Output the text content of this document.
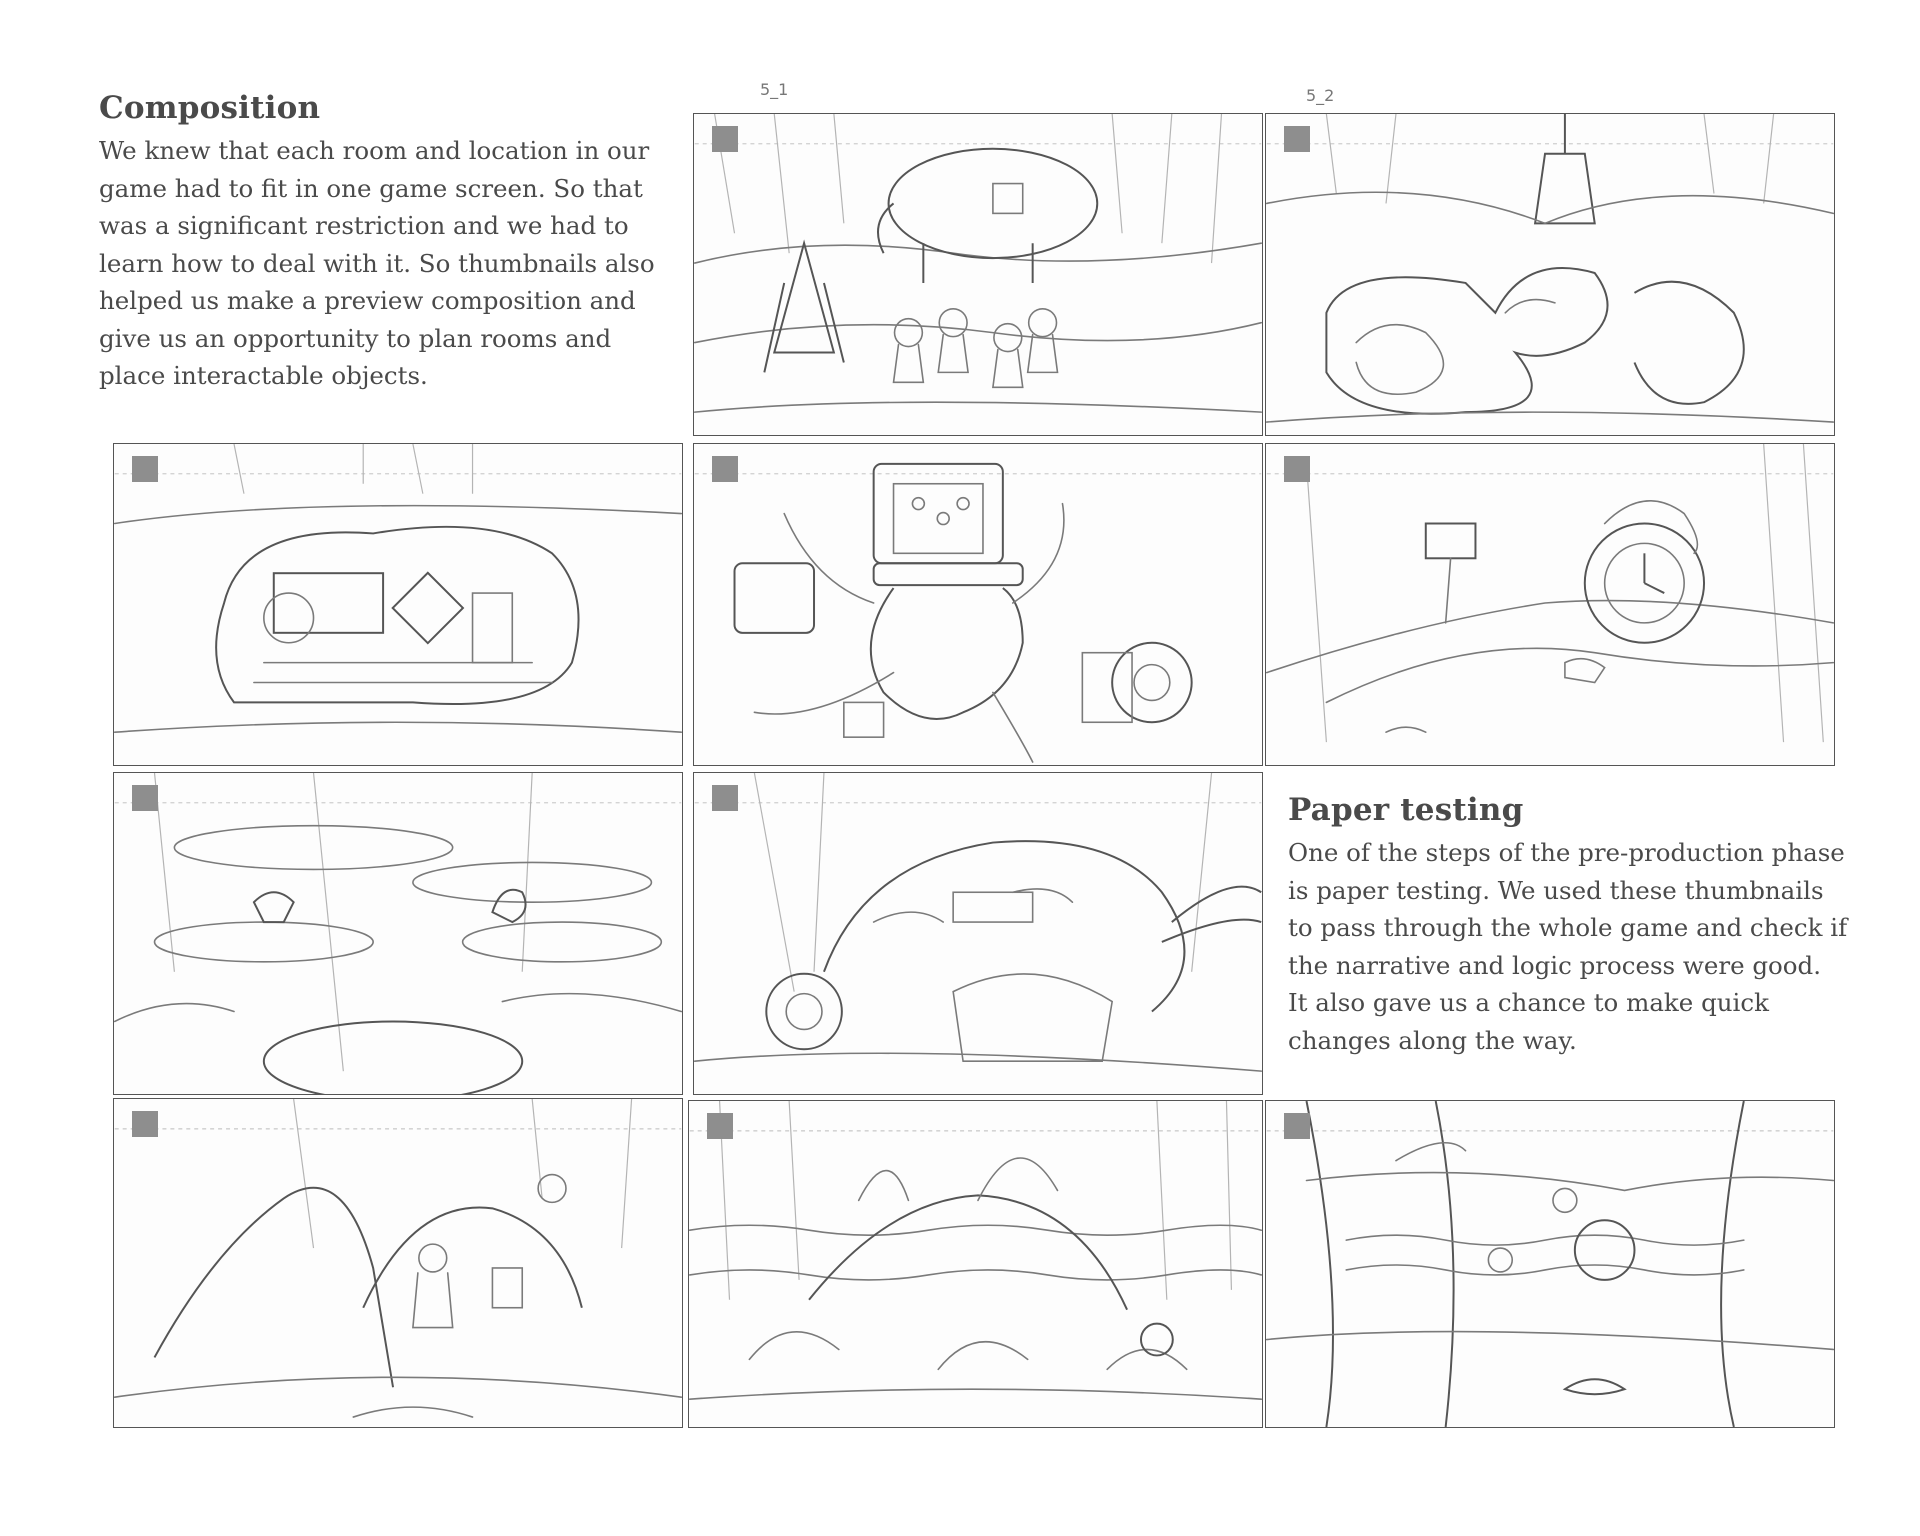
Composition

We knew that each room and location in our game had to fit in one game screen. So that was a significant restriction and we had to learn how to deal with it. So thumbnails also helped us make a preview composition and give us an opportunity to plan rooms and place interactable objects.

Paper testing

One of the steps of the pre-production phase is paper testing. We used these thumbnails to pass through the whole game and check if the narrative and logic process were good. It also gave us a chance to make quick changes along the way.

5_1	5_2
